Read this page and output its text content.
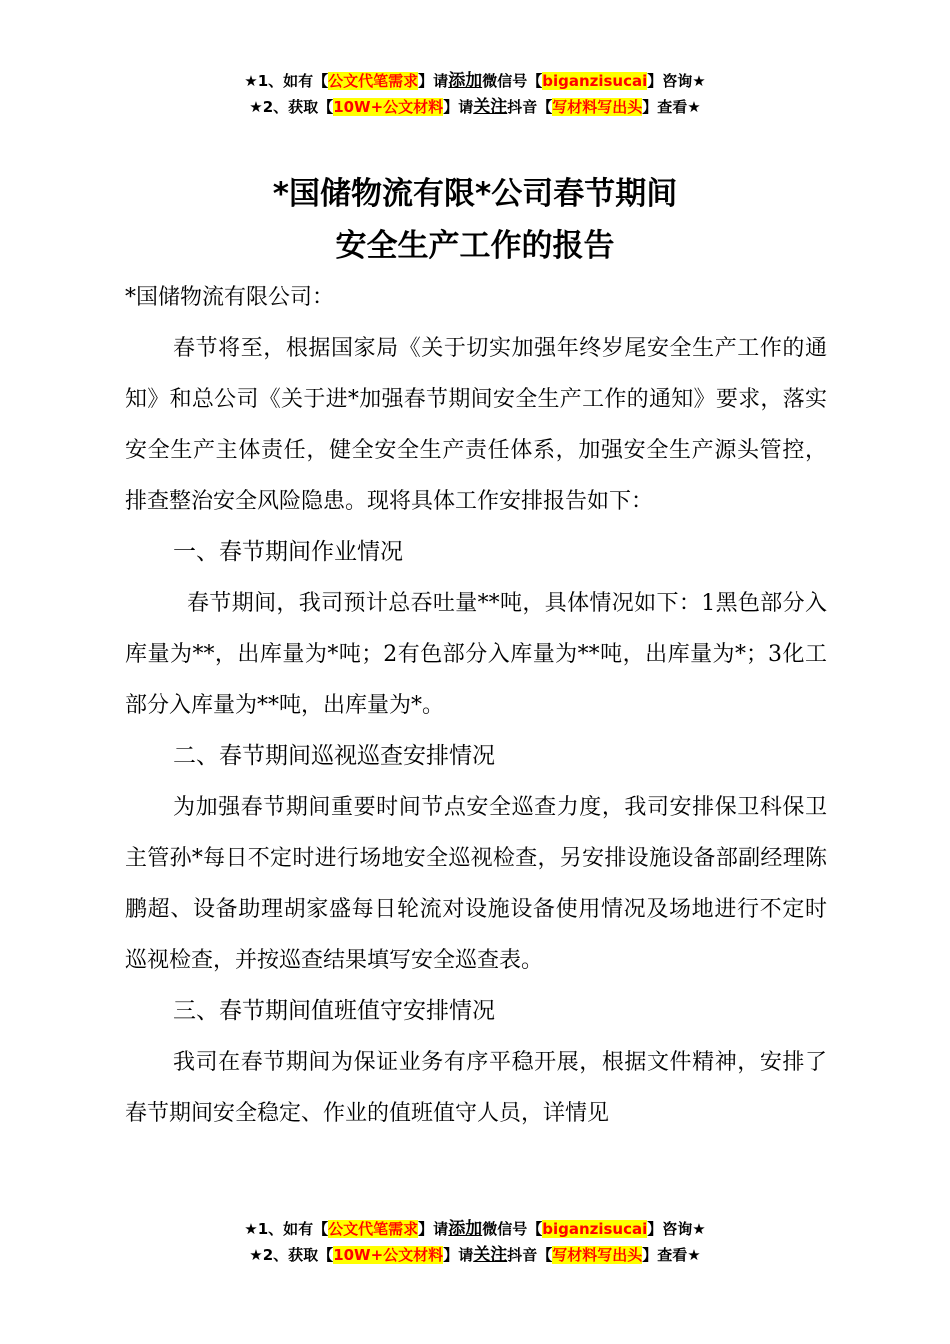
★1、如有【公文代笔需求】请添加微信号【biganzisucai】咨询★
★2、获取【10W+公文材料】请关注抖音【写材料写出头】查看★
*国储物流有限*公司春节期间
安全生产工作的报告

*国储物流有限公司：

春节将至，根据国家局《关于切实加强年终岁尾安全生产工作的通知》和总公司《关于进*加强春节期间安全生产工作的通知》要求，落实安全生产主体责任，健全安全生产责任体系，加强安全生产源头管控，排查整治安全风险隐患。现将具体工作安排报告如下：

一、春节期间作业情况

春节期间，我司预计总吞吐量**吨，具体情况如下：1黑色部分入库量为**，出库量为*吨；2有色部分入库量为**吨，出库量为*；3化工部分入库量为**吨，出库量为*。

二、春节期间巡视巡查安排情况

为加强春节期间重要时间节点安全巡查力度，我司安排保卫科保卫主管孙*每日不定时进行场地安全巡视检查，另安排设施设备部副经理陈鹏超、设备助理胡家盛每日轮流对设施设备使用情况及场地进行不定时巡视检查，并按巡查结果填写安全巡查表。

三、春节期间值班值守安排情况

我司在春节期间为保证业务有序平稳开展，根据文件精神，安排了春节期间安全稳定、作业的值班值守人员，详情见

★1、如有【公文代笔需求】请添加微信号【biganzisucai】咨询★
★2、获取【10W+公文材料】请关注抖音【写材料写出头】查看★
